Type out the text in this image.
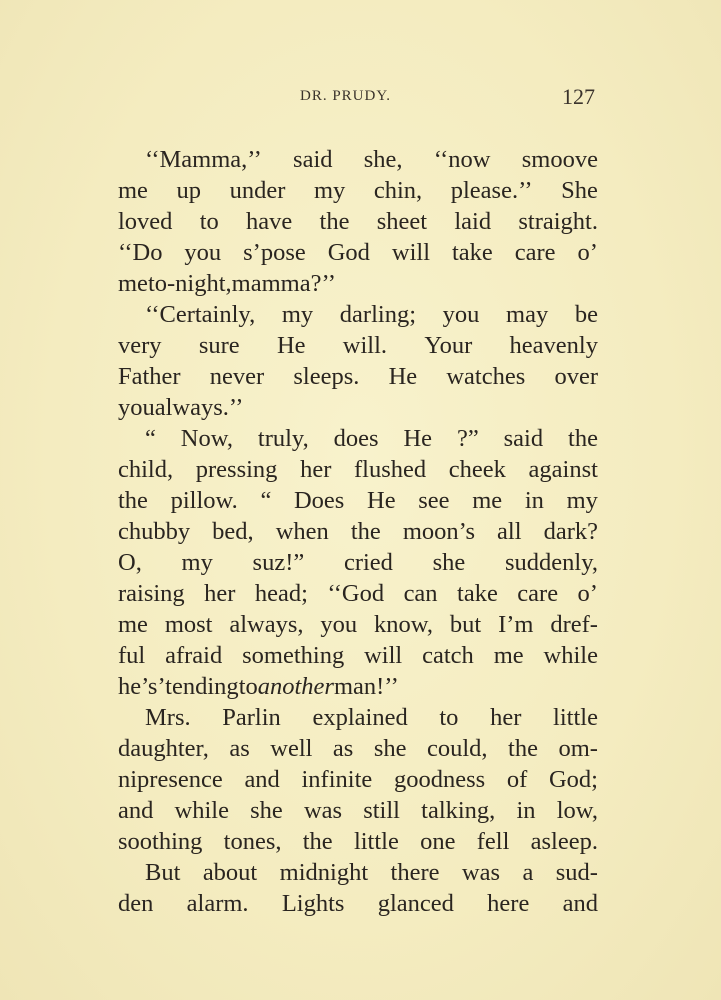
DR. PRUDY.	127
‘‘Mamma,’’ said she, ‘‘now smoove
me up under my chin, please.’’ She
loved to have the sheet laid straight.
‘‘Do you s’pose God will take care o’
me to-night, mamma?’’
‘‘Certainly, my darling; you may be
very sure He will. Your heavenly
Father never sleeps. He watches over
you always.’’
“ Now, truly, does He ?” said the
child, pressing her flushed cheek against
the pillow. “ Does He see me in my
chubby bed, when the moon’s all dark?
O, my suz!” cried she suddenly,
raising her head; ‘‘God can take care o’
me most always, you know, but I’m dref-
ful afraid something will catch me while
he’s ’tending to another man!’’
Mrs. Parlin explained to her little
daughter, as well as she could, the om-
nipresence and infinite goodness of God;
and while she was still talking, in low,
soothing tones, the little one fell asleep.
But about midnight there was a sud-
den alarm. Lights glanced here and
